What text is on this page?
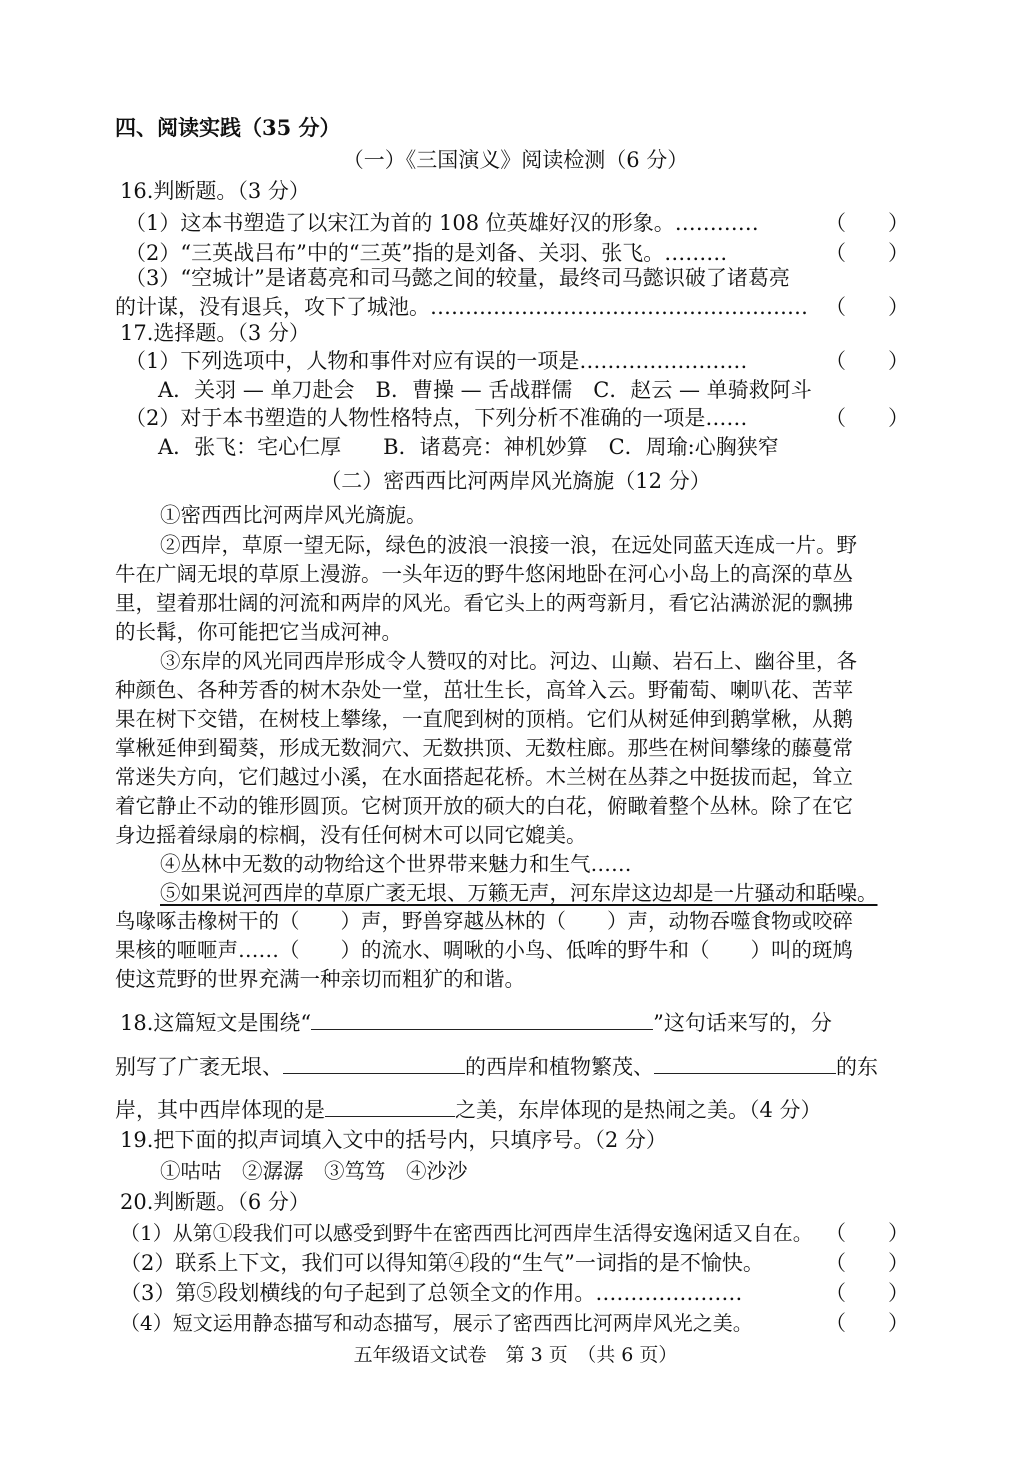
四、阅读实践（35 分）
（一）《三国演义》阅读检测（6 分）
16.判断题。（3 分）
（1）这本书塑造了以宋江为首的 108 位英雄好汉的形象。…………	（　　）
（2）“三英战吕布”中的“三英”指的是刘备、关羽、张飞。………	（　　）
（3）“空城计”是诸葛亮和司马懿之间的较量，最终司马懿识破了诸葛亮
的计谋，没有退兵，攻下了城池。……………………………………………… （　　）
17.选择题。（3 分）
（1）下列选项中，人物和事件对应有误的一项是……………………	（　　）
A．关羽 — 单刀赴会　B．曹操 — 舌战群儒　C．赵云 — 单骑救阿斗
（2）对于本书塑造的人物性格特点，下列分析不准确的一项是……	（　　）
A．张飞：宅心仁厚　　B．诸葛亮：神机妙算　C．周瑜:心胸狭窄
（二）密西西比河两岸风光旖旎（12 分）
①密西西比河两岸风光旖旎。
②西岸，草原一望无际，绿色的波浪一浪接一浪，在远处同蓝天连成一片。野
牛在广阔无垠的草原上漫游。一头年迈的野牛悠闲地卧在河心小岛上的高深的草丛
里，望着那壮阔的河流和两岸的风光。看它头上的两弯新月，看它沾满淤泥的飘拂
的长髯，你可能把它当成河神。
③东岸的风光同西岸形成令人赞叹的对比。河边、山巅、岩石上、幽谷里，各
种颜色、各种芳香的树木杂处一堂，茁壮生长，高耸入云。野葡萄、喇叭花、苦苹
果在树下交错，在树枝上攀缘，一直爬到树的顶梢。它们从树延伸到鹅掌楸，从鹅
掌楸延伸到蜀葵，形成无数洞穴、无数拱顶、无数柱廊。那些在树间攀缘的藤蔓常
常迷失方向，它们越过小溪，在水面搭起花桥。木兰树在丛莽之中挺拔而起，耸立
着它静止不动的锥形圆顶。它树顶开放的硕大的白花，俯瞰着整个丛林。除了在它
身边摇着绿扇的棕榈，没有任何树木可以同它媲美。
④丛林中无数的动物给这个世界带来魅力和生气……
⑤如果说河西岸的草原广袤无垠、万籁无声，河东岸这边却是一片骚动和聒噪。
鸟喙啄击橡树干的（　　）声，野兽穿越丛林的（　　）声，动物吞噬食物或咬碎
果核的咂咂声……（　　）的流水、啁啾的小鸟、低哞的野牛和（　　）叫的斑鸠
使这荒野的世界充满一种亲切而粗犷的和谐。
18.这篇短文是围绕“	”这句话来写的，分
别写了广袤无垠、	的西岸和植物繁茂、	的东
岸，其中西岸体现的是	之美，东岸体现的是热闹之美。（4 分）
19.把下面的拟声词填入文中的括号内，只填序号。（2 分）
①咕咕　②潺潺　③笃笃　④沙沙
20.判断题。（6 分）
（1）从第①段我们可以感受到野牛在密西西比河西岸生活得安逸闲适又自在。 （　　）
（2）联系上下文，我们可以得知第④段的“生气”一词指的是不愉快。	（　　）
（3）第⑤段划横线的句子起到了总领全文的作用。…………………	（　　）
（4）短文运用静态描写和动态描写，展示了密西西比河两岸风光之美。	（　　）
五年级语文试卷　第 3 页　（共 6 页）
